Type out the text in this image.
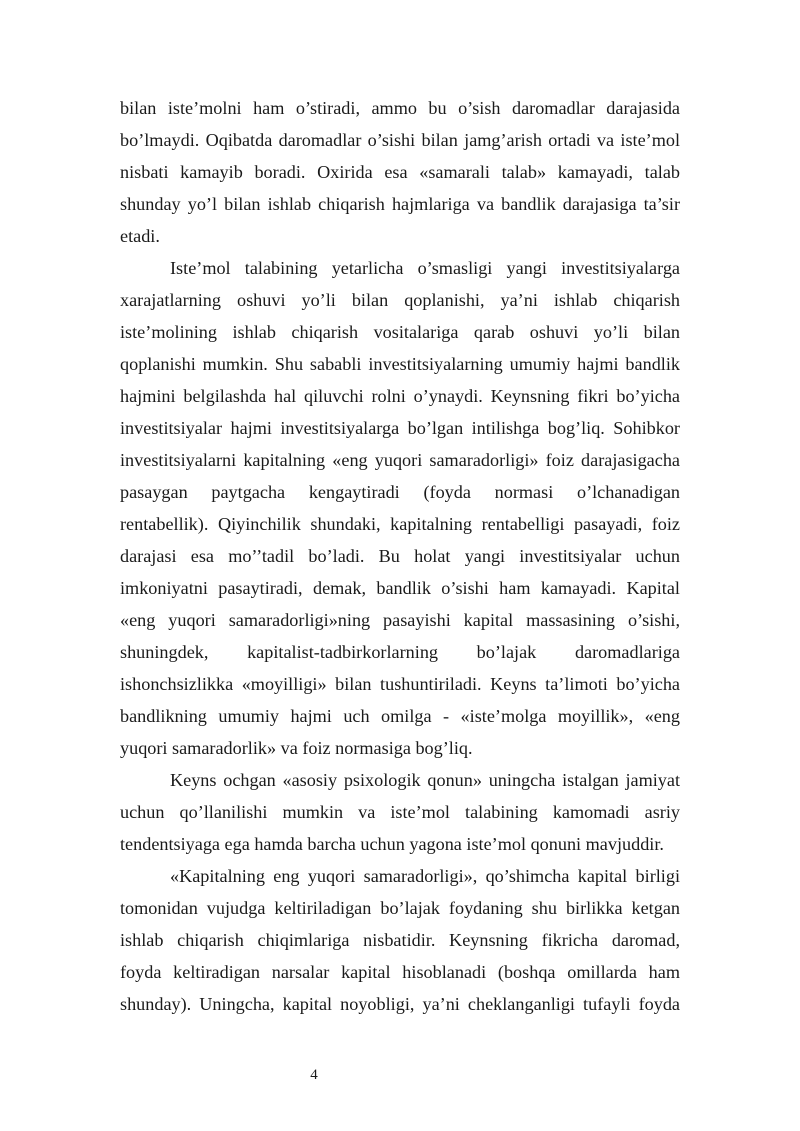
bilan iste’molni ham o’stiradi, ammo bu o’sish daromadlar darajasida
bo’lmaydi. Oqibatda daromadlar o’sishi bilan jamg’arish ortadi va iste’mol
nisbati kamayib boradi. Oxirida esa «samarali talab» kamayadi, talab
shunday yo’l bilan ishlab chiqarish hajmlariga va bandlik darajasiga ta’sir
etadi.
Iste’mol talabining yetarlicha o’smasligi yangi investitsiyalarga
xarajatlarning oshuvi yo’li bilan qoplanishi, ya’ni ishlab chiqarish
iste’molining ishlab chiqarish vositalariga qarab oshuvi yo’li bilan
qoplanishi mumkin. Shu sababli investitsiyalarning umumiy hajmi bandlik
hajmini belgilashda hal qiluvchi rolni o’ynaydi. Keynsning fikri bo’yicha
investitsiyalar hajmi investitsiyalarga bo’lgan intilishga bog’liq. Sohibkor
investitsiyalarni kapitalning «eng yuqori samaradorligi» foiz darajasigacha
pasaygan paytgacha kengaytiradi (foyda normasi o’lchanadigan
rentabellik). Qiyinchilik shundaki, kapitalning rentabelligi pasayadi, foiz
darajasi esa mo’’tadil bo’ladi. Bu holat yangi investitsiyalar uchun
imkoniyatni pasaytiradi, demak, bandlik o’sishi ham kamayadi. Kapital
«eng yuqori samaradorligi»ning pasayishi kapital massasining o’sishi,
shuningdek, kapitalist-tadbirkorlarning bo’lajak daromadlariga
ishonchsizlikka «moyilligi» bilan tushuntiriladi. Keyns ta’limoti bo’yicha
bandlikning umumiy hajmi uch omilga - «iste’molga moyillik», «eng
yuqori samaradorlik» va foiz normasiga bog’liq.
Keyns ochgan «asosiy psixologik qonun» uningcha istalgan jamiyat
uchun qo’llanilishi mumkin va iste’mol talabining kamomadi asriy
tendentsiyaga ega hamda barcha uchun yagona iste’mol qonuni mavjuddir.
«Kapitalning eng yuqori samaradorligi», qo’shimcha kapital birligi
tomonidan vujudga keltiriladigan bo’lajak foydaning shu birlikka ketgan
ishlab chiqarish chiqimlariga nisbatidir. Keynsning fikricha daromad,
foyda keltiradigan narsalar kapital hisoblanadi (boshqa omillarda ham
shunday). Uningcha, kapital noyobligi, ya’ni cheklanganligi tufayli foyda
4
